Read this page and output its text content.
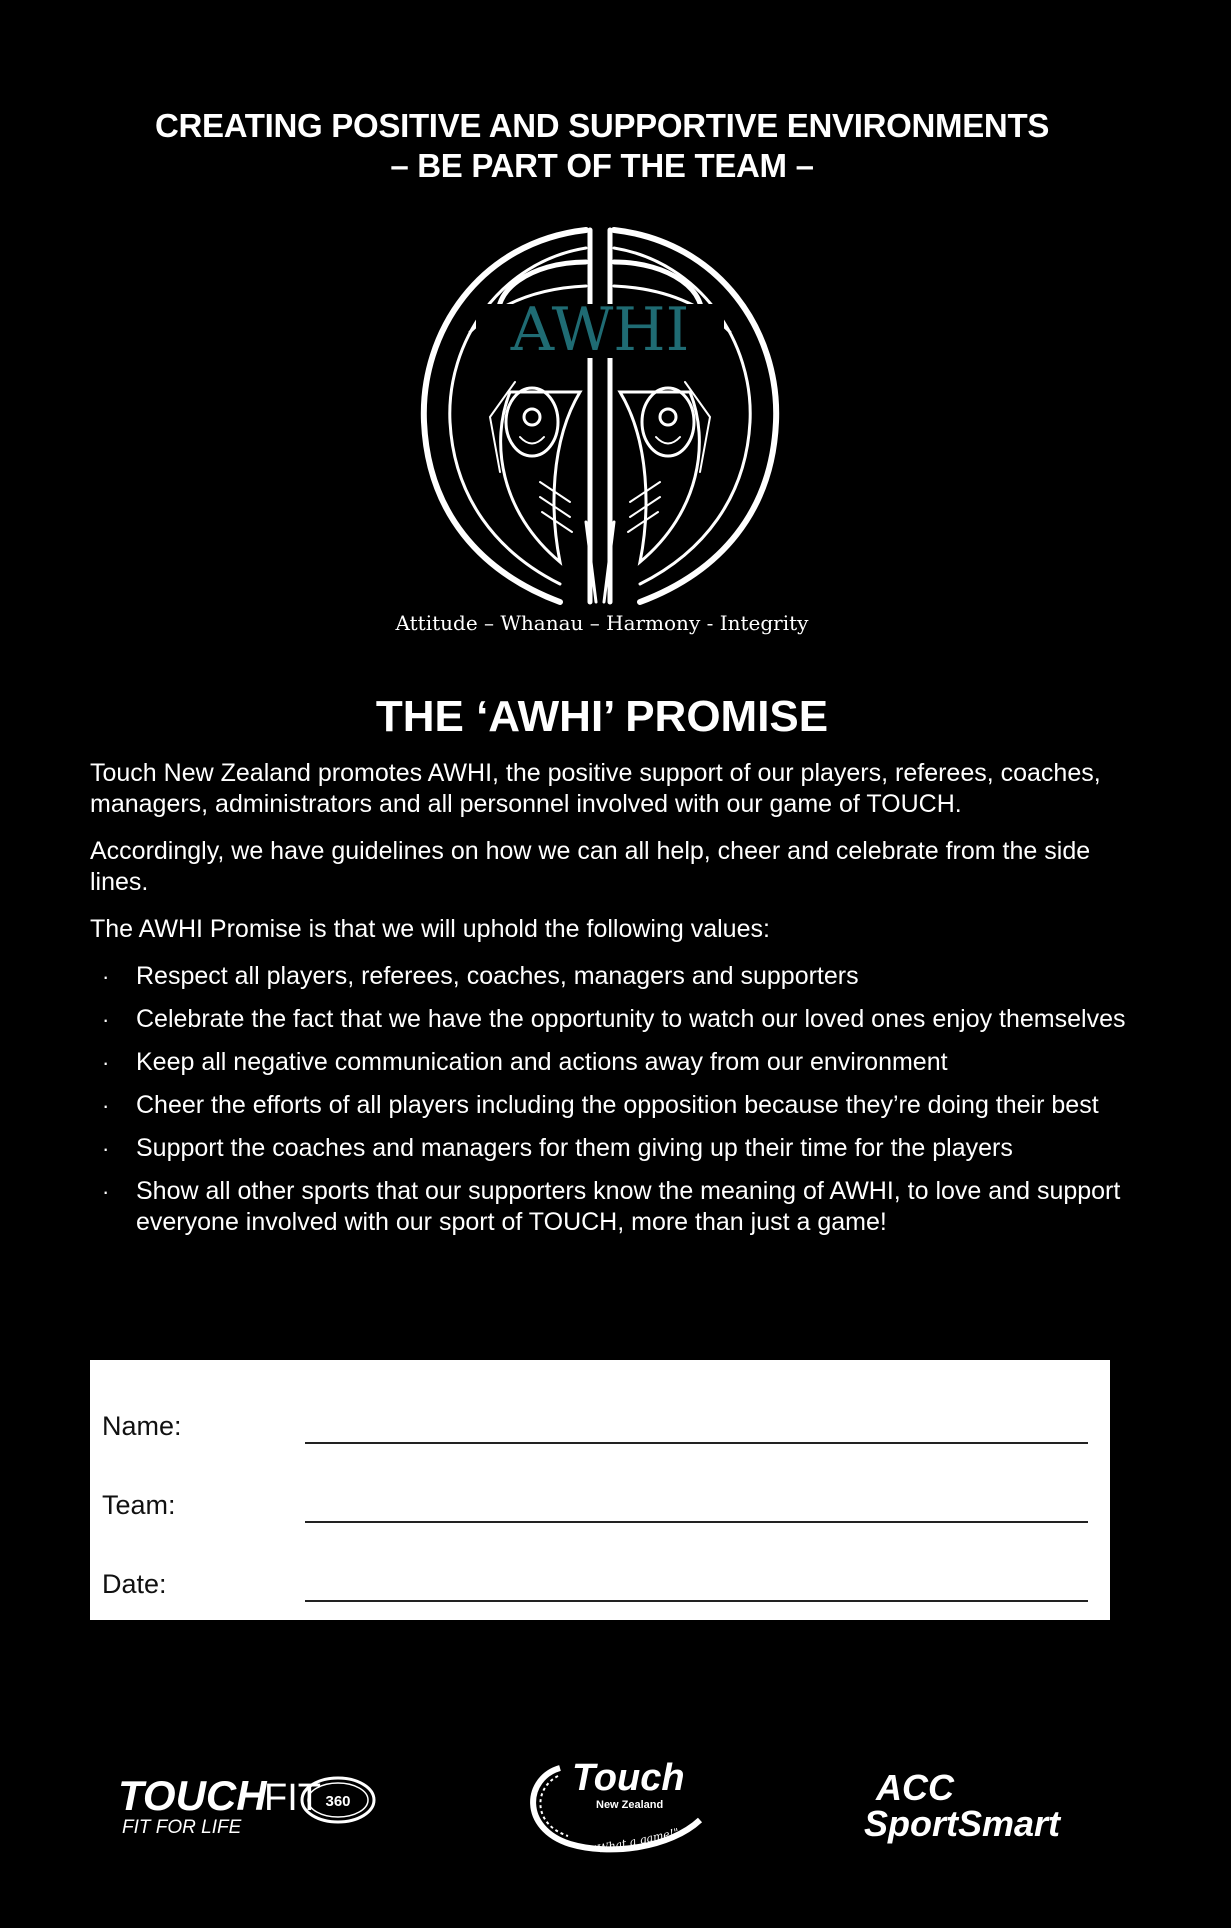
CREATING POSITIVE AND SUPPORTIVE ENVIRONMENTS
– BE PART OF THE TEAM –
AWHI
Attitude – Whanau – Harmony - Integrity
THE ‘AWHI’ PROMISE

Touch New Zealand promotes AWHI, the positive support of our players, referees, coaches, managers, administrators and all personnel involved with our game of TOUCH.

Accordingly, we have guidelines on how we can all help, cheer and celebrate from the side lines.

The AWHI Promise is that we will uphold the following values:

· Respect all players, referees, coaches, managers and supporters
· Celebrate the fact that we have the opportunity to watch our loved ones enjoy themselves
· Keep all negative communication and actions away from our environment
· Cheer the efforts of all players including the opposition because they’re doing their best
· Support the coaches and managers for them giving up their time for the players
· Show all other sports that our supporters know the meaning of AWHI, to love and support everyone involved with our sport of TOUCH, more than just a game!
Name:
Team:
Date:
TOUCH
FIT 360
FIT FOR LIFE
Touch
New Zealand
"What a game!"
ACC
SportSmart
